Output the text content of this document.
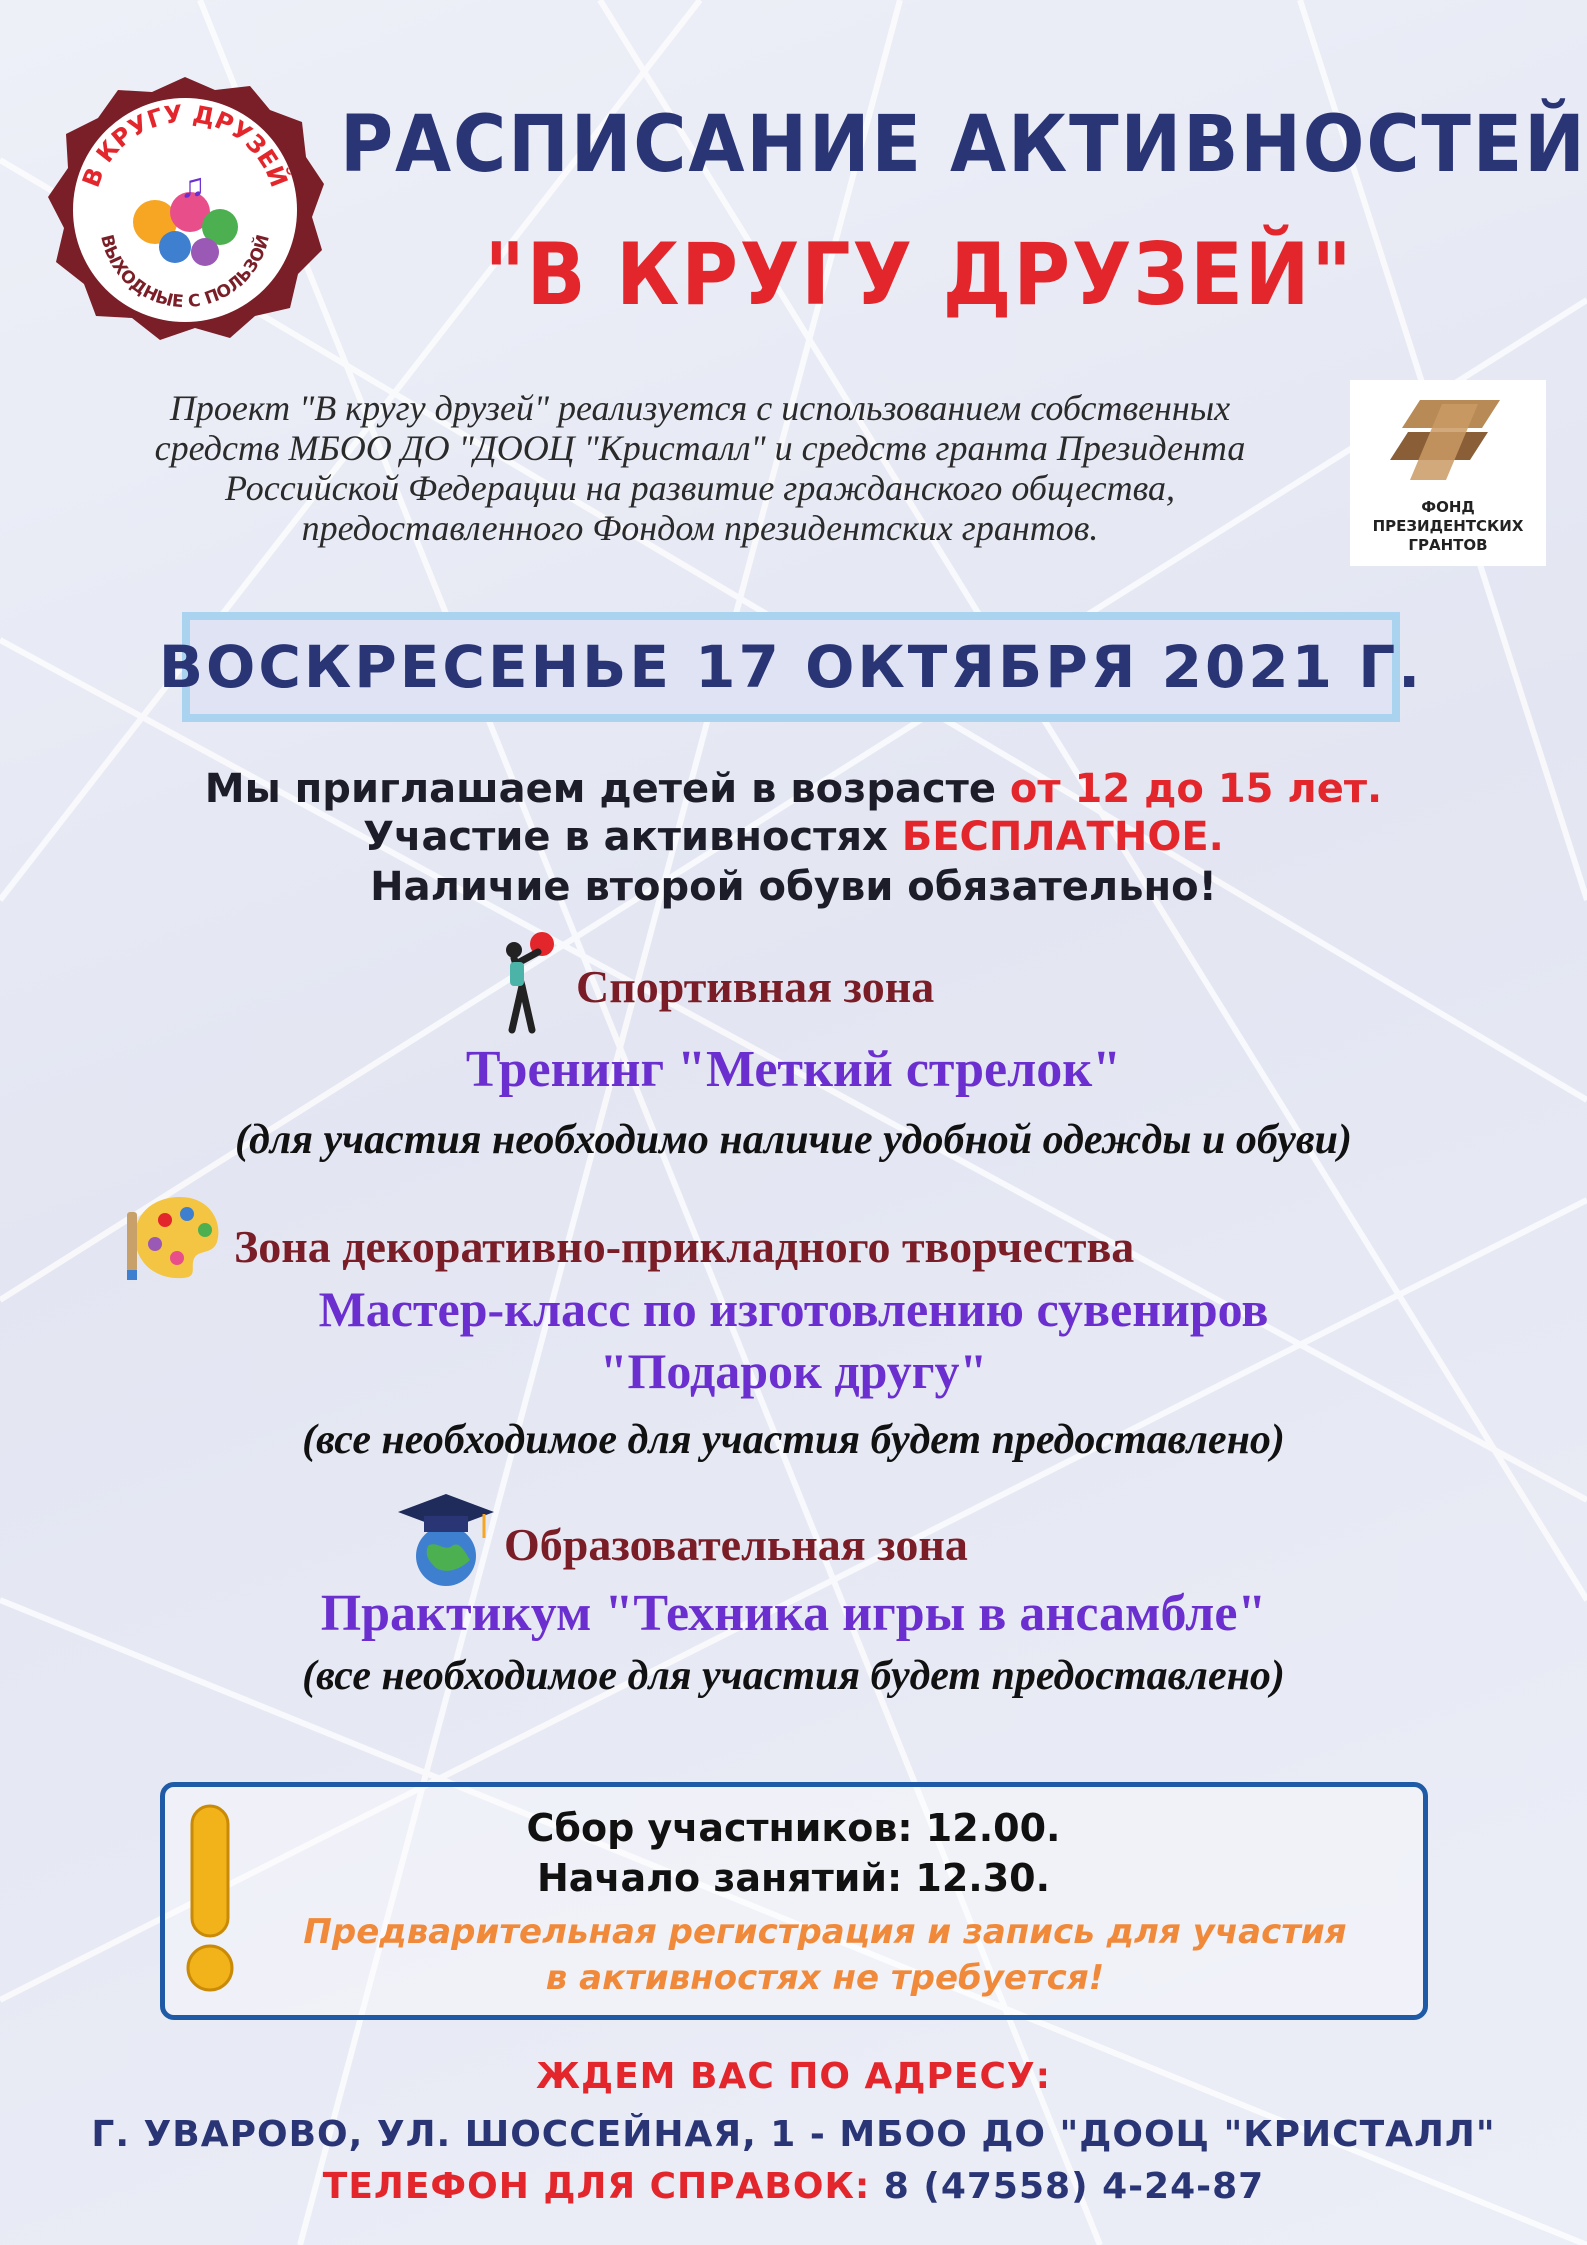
В КРУГУ ДРУЗЕЙ
ВЫХОДНЫЕ С ПОЛЬЗОЙ
♫ РАСПИСАНИЕ АКТИВНОСТЕЙ
"В КРУГУ ДРУЗЕЙ"
Проект "В кругу друзей" реализуется с использованием собственных
средств МБОО ДО "ДООЦ "Кристалл" и средств гранта Президента
Российской Федерации на развитие гражданского общества,
предоставленного Фондом президентских грантов.
ФОНД
ПРЕЗИДЕНТСКИХ
ГРАНТОВ
ВОСКРЕСЕНЬЕ 17 ОКТЯБРЯ 2021 Г.
Мы приглашаем детей в возрасте от 12 до 15 лет.
Участие в активностях БЕСПЛАТНОЕ.
Наличие второй обуви обязательно!
Спортивная зона
Тренинг "Меткий стрелок"
(для участия необходимо наличие удобной одежды и обуви)
Зона декоративно-прикладного творчества
Мастер-класс по изготовлению сувениров
"Подарок другу"
(все необходимое для участия будет предоставлено)
Образовательная зона
Практикум "Техника игры в ансамбле"
(все необходимое для участия будет предоставлено)
Сбор участников: 12.00.
Начало занятий: 12.30.
Предварительная регистрация и запись для участия
в активностях не требуется!
ЖДЕМ ВАС ПО АДРЕСУ:
Г. УВАРОВО, УЛ. ШОССЕЙНАЯ, 1 - МБОО ДО "ДООЦ "КРИСТАЛЛ"
ТЕЛЕФОН ДЛЯ СПРАВОК: 8 (47558) 4-24-87
